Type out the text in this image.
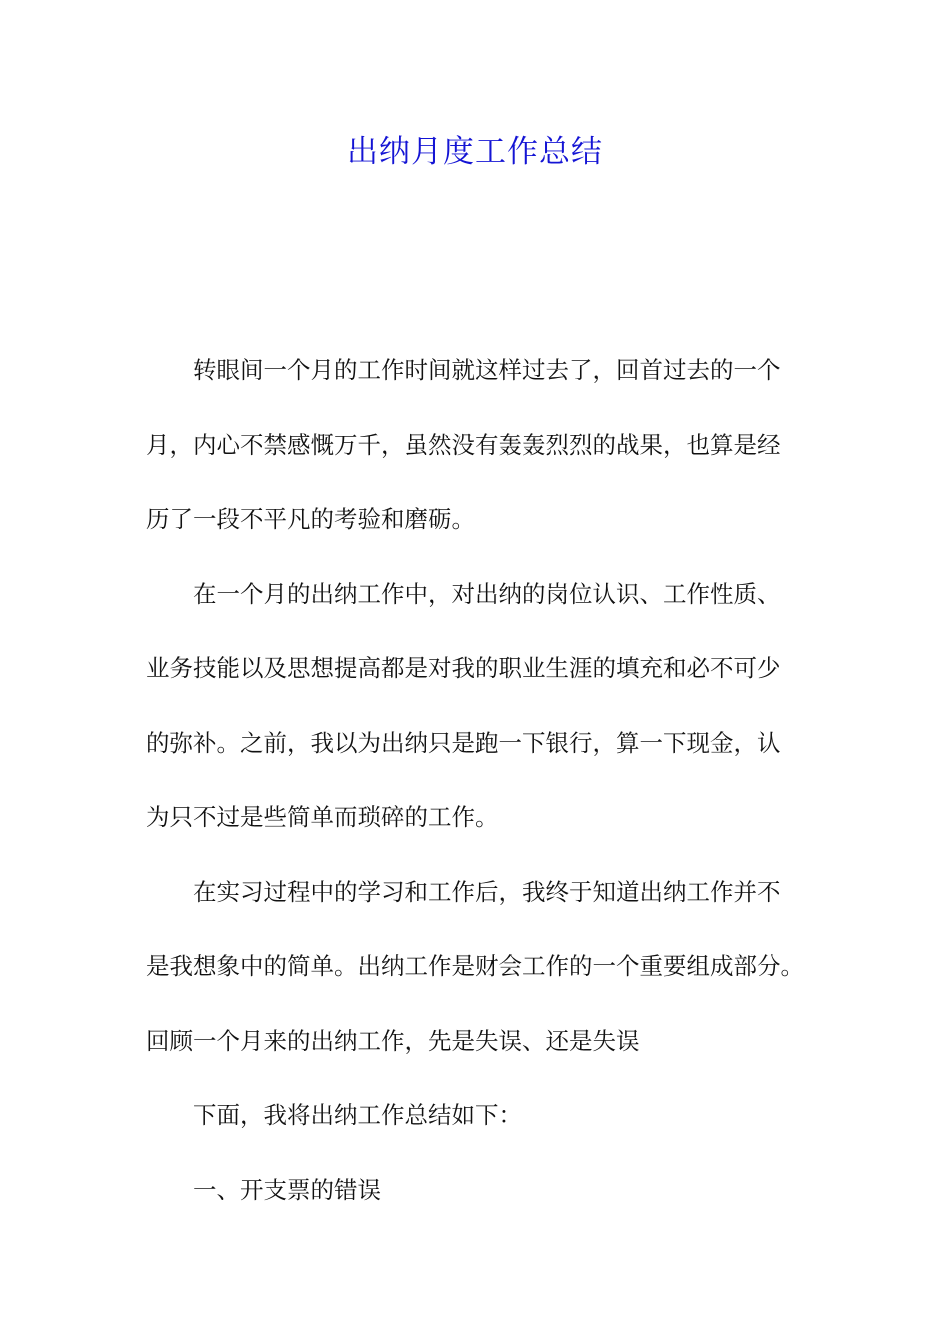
出纳月度工作总结
转眼间一个月的工作时间就这样过去了，回首过去的一个
月，内心不禁感慨万千，虽然没有轰轰烈烈的战果，也算是经
历了一段不平凡的考验和磨砺。
在一个月的出纳工作中，对出纳的岗位认识、工作性质、
业务技能以及思想提高都是对我的职业生涯的填充和必不可少
的弥补。之前，我以为出纳只是跑一下银行，算一下现金，认
为只不过是些简单而琐碎的工作。
在实习过程中的学习和工作后，我终于知道出纳工作并不
是我想象中的简单。出纳工作是财会工作的一个重要组成部分。
回顾一个月来的出纳工作，先是失误、还是失误
下面，我将出纳工作总结如下：
一、开支票的错误
